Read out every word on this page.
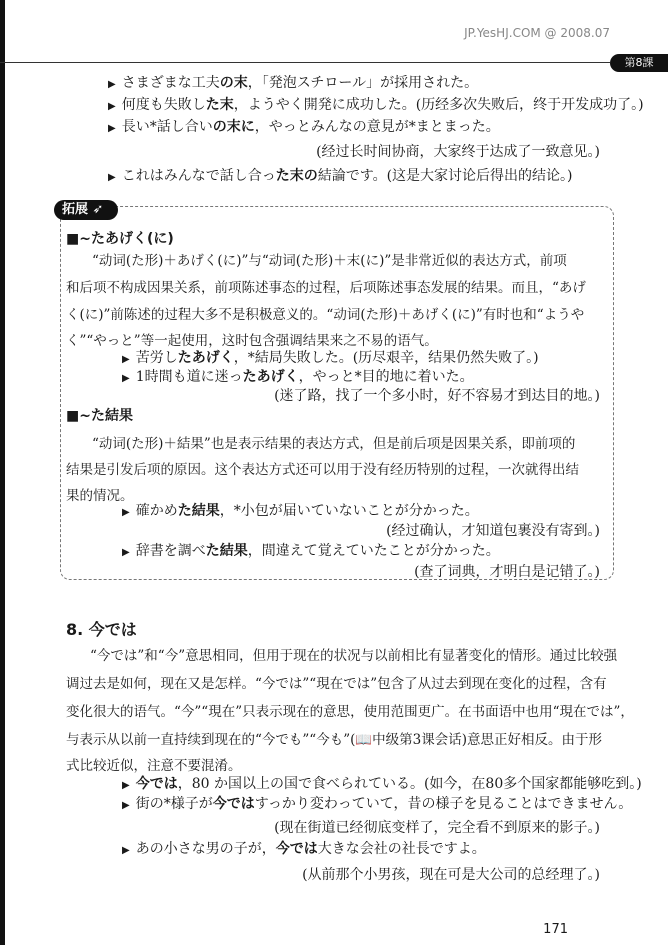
JP.YesHJ.COM @ 2008.07
第8課
▶ さまざまな工夫の末，「発泡スチロール」が採用された。
▶ 何度も失敗した末，ようやく開発に成功した。(历经多次失败后，终于开发成功了。)
▶ 長い*話し合いの末に，やっとみんなの意見が*まとまった。
(经过长时间协商，大家终于达成了一致意见。)
▶ これはみんなで話し合った末の結論です。(这是大家讨论后得出的结论。)
拓展 ➶
■~たあげく(に)
“动词(た形)＋あげく(に)”与“动词(た形)＋末(に)”是非常近似的表达方式，前项
和后项不构成因果关系，前项陈述事态的过程，后项陈述事态发展的结果。而且，“あげ
く(に)”前陈述的过程大多不是积极意义的。“动词(た形)＋あげく(に)”有时也和“ようや
く”“やっと”等一起使用，这时包含强调结果来之不易的语气。
▶ 苦労したあげく，*結局失敗した。(历尽艰辛，结果仍然失败了。)
▶ 1時間も道に迷ったあげく，やっと*目的地に着いた。
(迷了路，找了一个多小时，好不容易才到达目的地。)
■~た結果
“动词(た形)＋結果”也是表示结果的表达方式，但是前后项是因果关系，即前项的
结果是引发后项的原因。这个表达方式还可以用于没有经历特别的过程，一次就得出结
果的情况。
▶ 確かめた結果，*小包が届いていないことが分かった。
(经过确认，才知道包裹没有寄到。)
▶ 辞書を調べた結果，間違えて覚えていたことが分かった。
(查了词典，才明白是记错了。)
8. 今では
“今では”和“今”意思相同，但用于现在的状况与以前相比有显著变化的情形。通过比较强
调过去是如何，现在又是怎样。“今では”“現在では”包含了从过去到现在变化的过程，含有
变化很大的语气。“今”“現在”只表示现在的意思，使用范围更广。在书面语中也用“現在では”，
与表示从以前一直持续到现在的“今でも”“今も”(📖中级第3课会话)意思正好相反。由于形
式比较近似，注意不要混淆。
▶ 今では，80 か国以上の国で食べられている。(如今，在80多个国家都能够吃到。)
▶ 街の*様子が今ではすっかり変わっていて，昔の様子を見ることはできません。
(现在街道已经彻底变样了，完全看不到原来的影子。)
▶ あの小さな男の子が，今では大きな会社の社長ですよ。
(从前那个小男孩，现在可是大公司的总经理了。)
171
